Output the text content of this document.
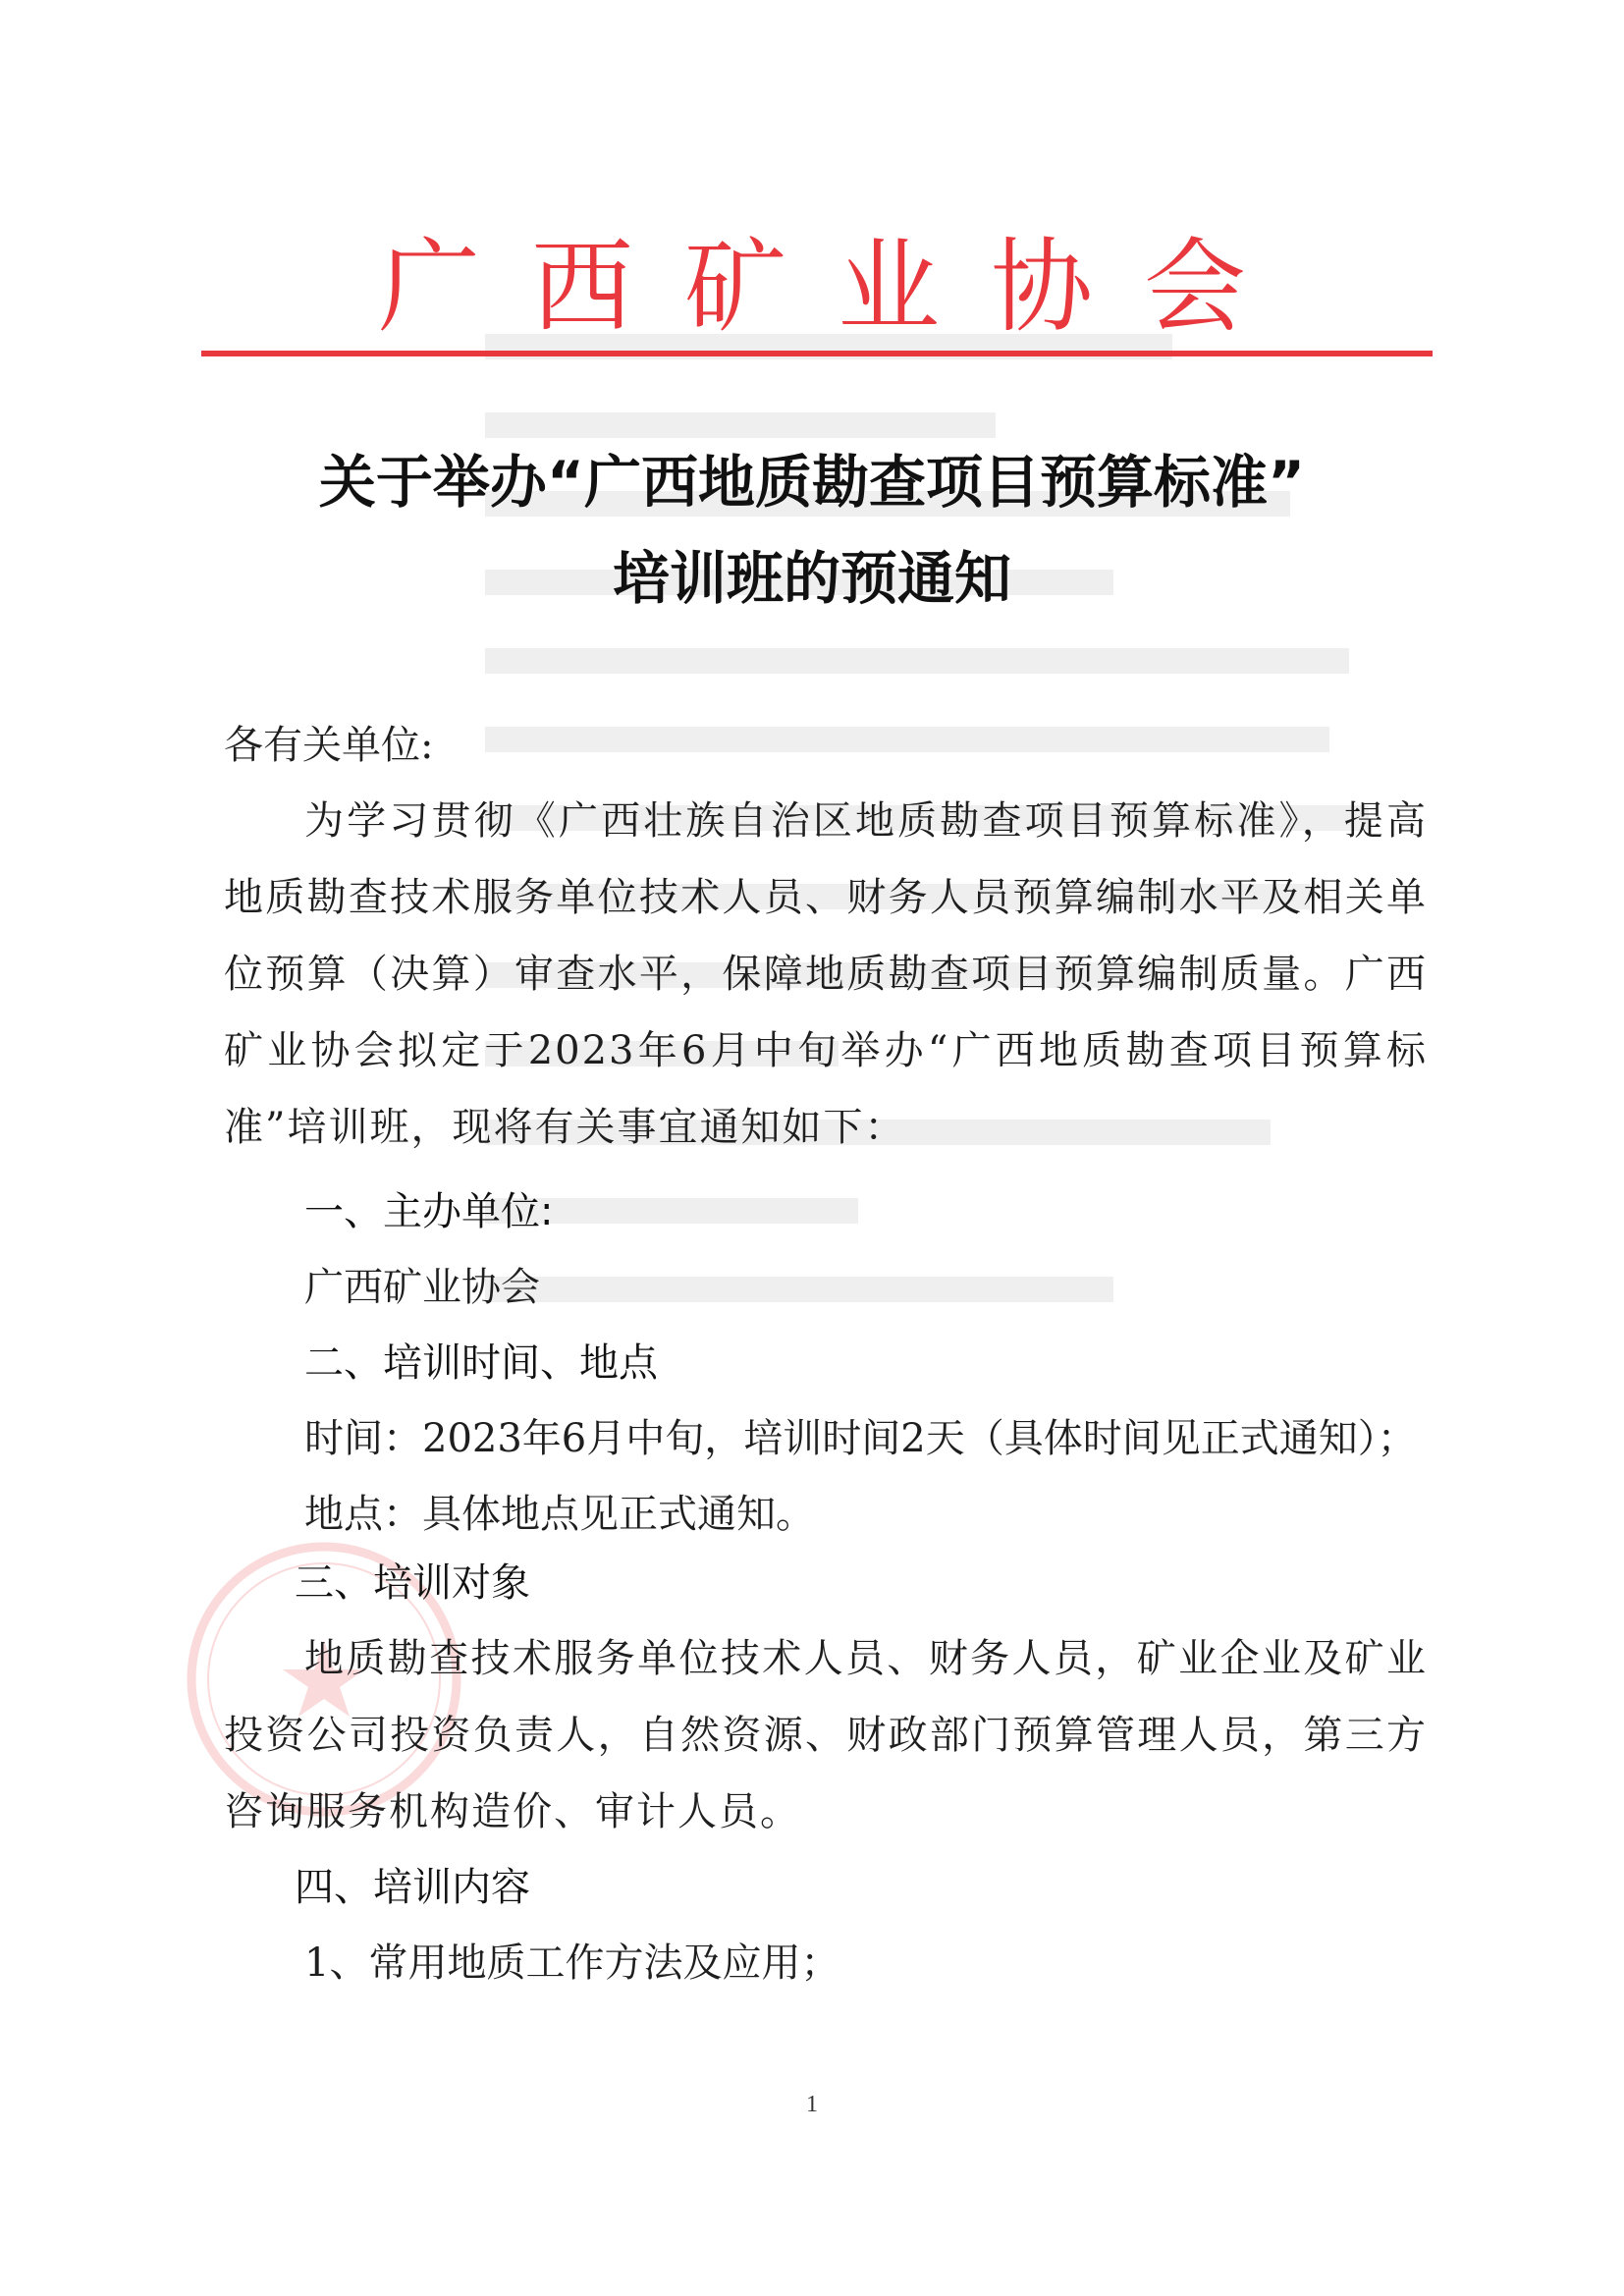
广西矿业协会
关于举办“广西地质勘查项目预算标准”
培训班的预通知
各有关单位:
为学习贯彻《广西壮族自治区地质勘查项目预算标准》，提高地质勘查技术服务单位技术人员、财务人员预算编制水平及相关单位预算（决算）审查水平，保障地质勘查项目预算编制质量。广西矿业协会拟定于2023年6月中旬举办“广西地质勘查项目预算标准”培训班，现将有关事宜通知如下：
一、主办单位:
广西矿业协会
二、培训时间、地点
时间：2023年6月中旬，培训时间2天（具体时间见正式通知）；
地点：具体地点见正式通知。
三、培训对象
地质勘查技术服务单位技术人员、财务人员，矿业企业及矿业投资公司投资负责人，自然资源、财政部门预算管理人员，第三方咨询服务机构造价、审计人员。
四、培训内容
1、常用地质工作方法及应用；
1
